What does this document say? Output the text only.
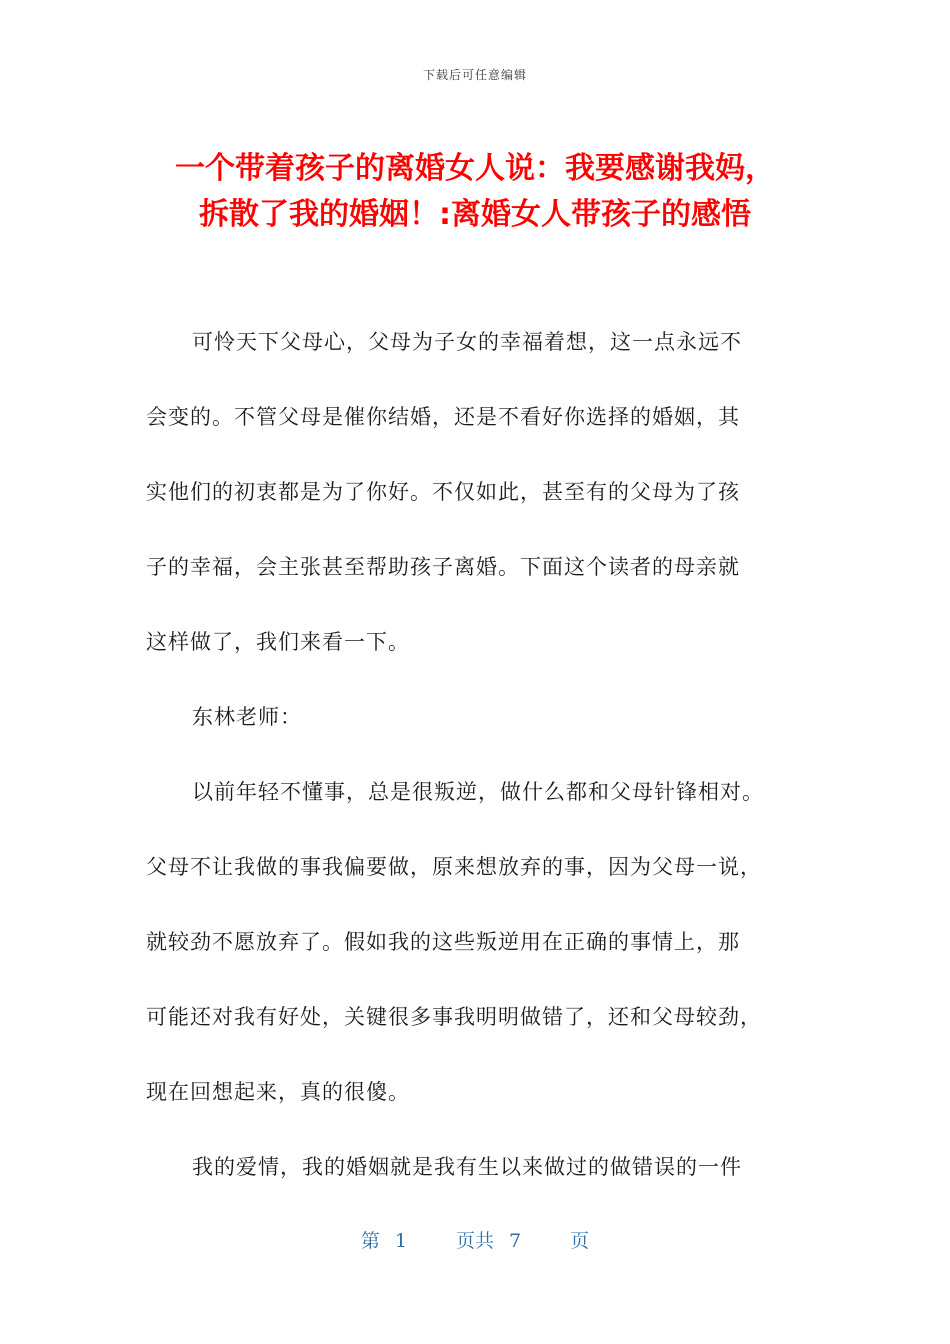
下载后可任意编辑
一个带着孩子的离婚女人说：我要感谢我妈，
拆散了我的婚姻！:离婚女人带孩子的感悟
可怜天下父母心，父母为子女的幸福着想，这一点永远不
会变的。不管父母是催你结婚，还是不看好你选择的婚姻，其
实他们的初衷都是为了你好。不仅如此，甚至有的父母为了孩
子的幸福，会主张甚至帮助孩子离婚。下面这个读者的母亲就
这样做了，我们来看一下。
东林老师：
以前年轻不懂事，总是很叛逆，做什么都和父母针锋相对。
父母不让我做的事我偏要做，原来想放弃的事，因为父母一说，
就较劲不愿放弃了。假如我的这些叛逆用在正确的事情上，那
可能还对我有好处，关键很多事我明明做错了，还和父母较劲，
现在回想起来，真的很傻。
我的爱情，我的婚姻就是我有生以来做过的做错误的一件
第 1	页共 7	页
